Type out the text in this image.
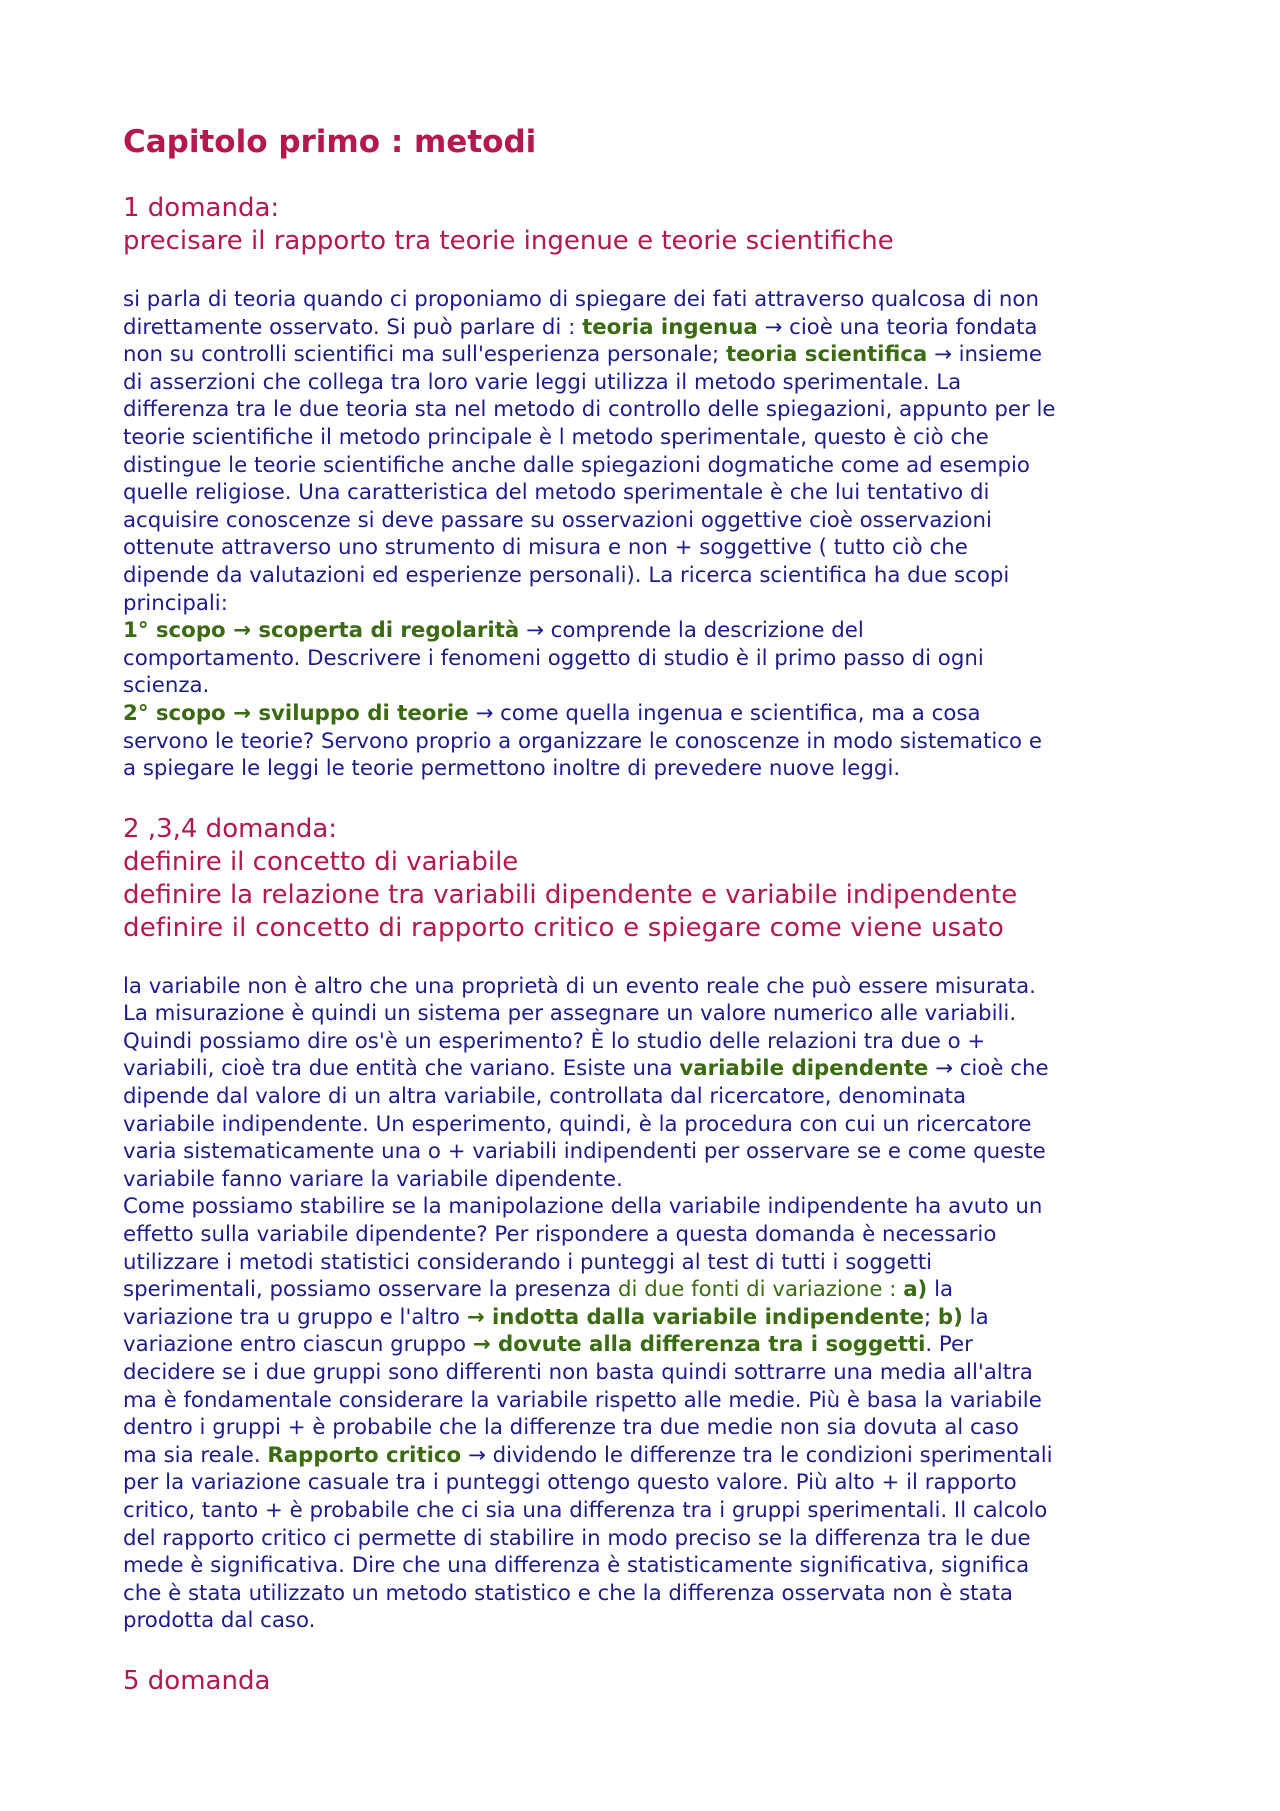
Capitolo primo : metodi
1 domanda:
precisare il rapporto tra teorie ingenue e teorie scientifiche
si parla di teoria quando ci proponiamo di spiegare dei fati attraverso qualcosa di non
direttamente osservato. Si può parlare di : teoria ingenua → cioè una teoria fondata
non su controlli scientifici ma sull'esperienza personale; teoria scientifica → insieme
di asserzioni che collega tra loro varie leggi utilizza il metodo sperimentale. La
differenza tra le due teoria sta nel metodo di controllo delle spiegazioni, appunto per le
teorie scientifiche il metodo principale è l metodo sperimentale, questo è ciò che
distingue le teorie scientifiche anche dalle spiegazioni dogmatiche come ad esempio
quelle religiose. Una caratteristica del metodo sperimentale è che lui tentativo di
acquisire conoscenze si deve passare su osservazioni oggettive cioè osservazioni
ottenute attraverso uno strumento di misura e non + soggettive ( tutto ciò che
dipende da valutazioni ed esperienze personali). La ricerca scientifica ha due scopi
principali:
1° scopo → scoperta di regolarità → comprende la descrizione del
comportamento. Descrivere i fenomeni oggetto di studio è il primo passo di ogni
scienza.
2° scopo → sviluppo di teorie → come quella ingenua e scientifica, ma a cosa
servono le teorie? Servono proprio a organizzare le conoscenze in modo sistematico e
a spiegare le leggi le teorie permettono inoltre di prevedere nuove leggi.
2 ,3,4 domanda:
definire il concetto di variabile
definire la relazione tra variabili dipendente e variabile indipendente
definire il concetto di rapporto critico e spiegare come viene usato
la variabile non è altro che una proprietà di un evento reale che può essere misurata.
La misurazione è quindi un sistema per assegnare un valore numerico alle variabili.
Quindi possiamo dire os'è un esperimento? È lo studio delle relazioni tra due o +
variabili, cioè tra due entità che variano. Esiste una variabile dipendente → cioè che
dipende dal valore di un altra variabile, controllata dal ricercatore, denominata
variabile indipendente. Un esperimento, quindi, è la procedura con cui un ricercatore
varia sistematicamente una o + variabili indipendenti per osservare se e come queste
variabile fanno variare la variabile dipendente.
Come possiamo stabilire se la manipolazione della variabile indipendente ha avuto un
effetto sulla variabile dipendente? Per rispondere a questa domanda è necessario
utilizzare i metodi statistici considerando i punteggi al test di tutti i soggetti
sperimentali, possiamo osservare la presenza di due fonti di variazione : a) la
variazione tra u gruppo e l'altro → indotta dalla variabile indipendente; b) la
variazione entro ciascun gruppo → dovute alla differenza tra i soggetti. Per
decidere se i due gruppi sono differenti non basta quindi sottrarre una media all'altra
ma è fondamentale considerare la variabile rispetto alle medie. Più è basa la variabile
dentro i gruppi + è probabile che la differenze tra due medie non sia dovuta al caso
ma sia reale. Rapporto critico → dividendo le differenze tra le condizioni sperimentali
per la variazione casuale tra i punteggi ottengo questo valore. Più alto + il rapporto
critico, tanto + è probabile che ci sia una differenza tra i gruppi sperimentali. Il calcolo
del rapporto critico ci permette di stabilire in modo preciso se la differenza tra le due
mede è significativa. Dire che una differenza è statisticamente significativa, significa
che è stata utilizzato un metodo statistico e che la differenza osservata non è stata
prodotta dal caso.
5 domanda
